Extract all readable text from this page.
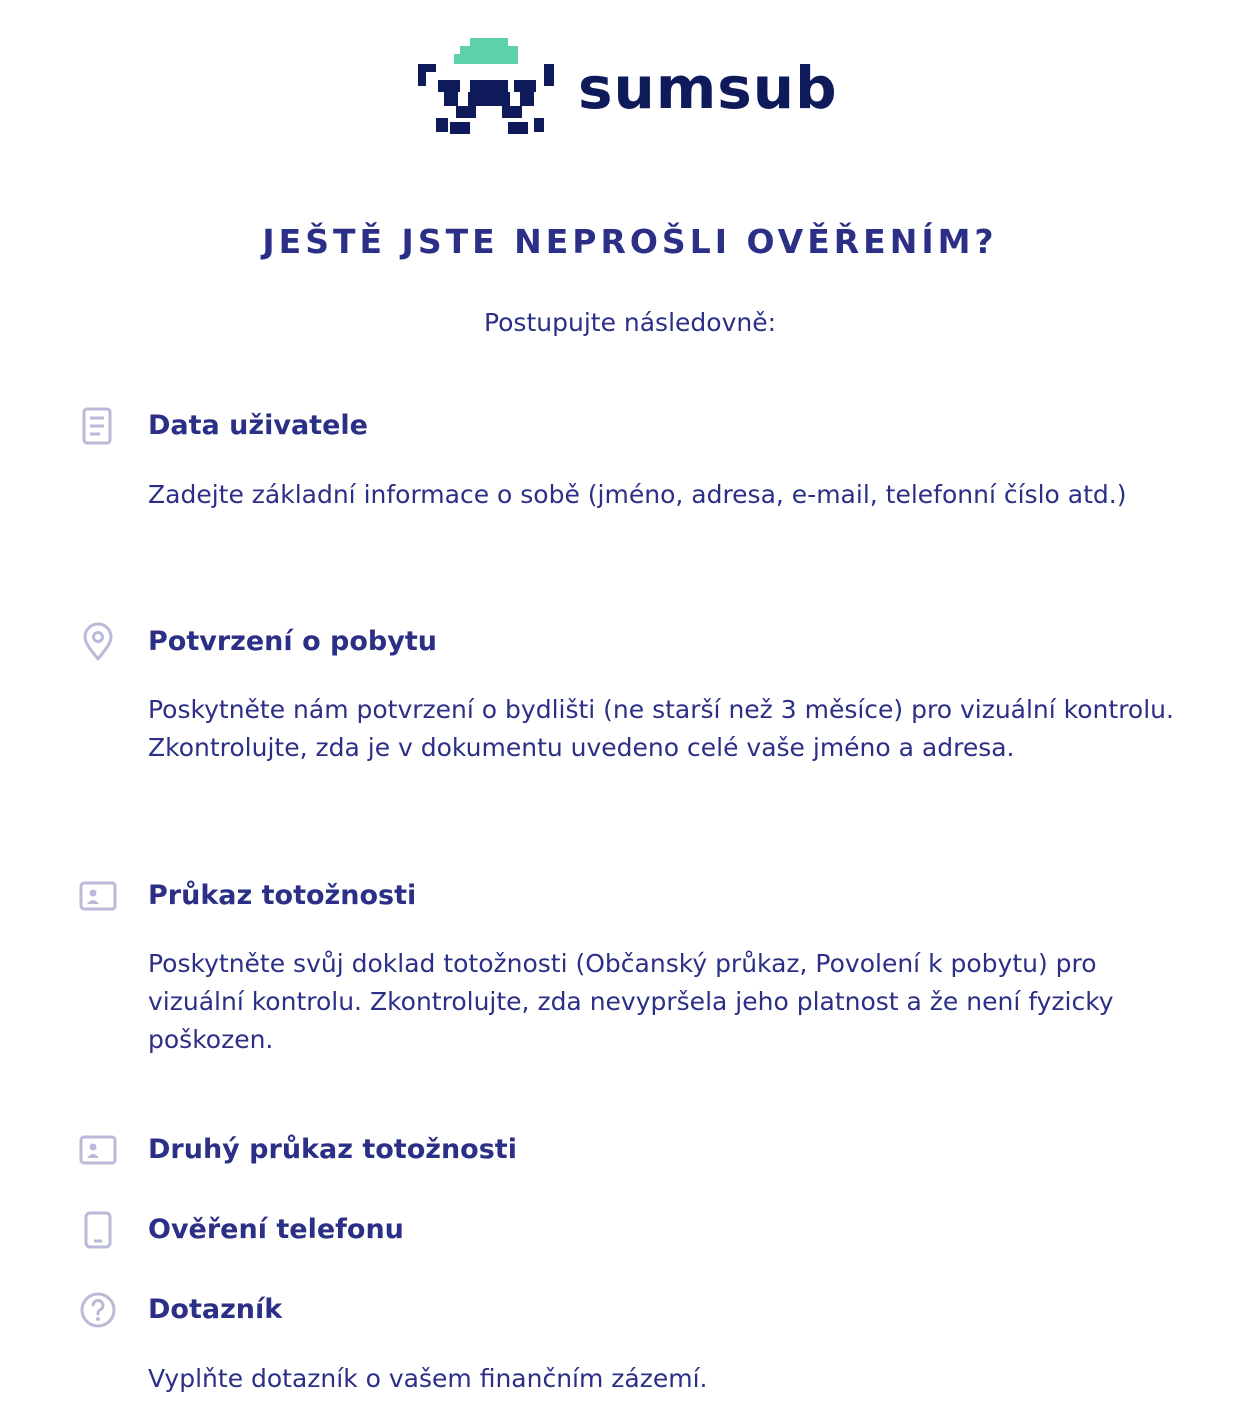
sumsub
JEŠTĚ JSTE NEPROŠLI OVĚŘENÍM?

Postupujte následovně:

Data uživatele
Zadejte základní informace o sobě (jméno, adresa, e-mail, telefonní číslo atd.)
Potvrzení o pobytu
Poskytněte nám potvrzení o bydlišti (ne starší než 3 měsíce) pro vizuální kontrolu. Zkontrolujte, zda je v dokumentu uvedeno celé vaše jméno a adresa.
Průkaz totožnosti
Poskytněte svůj doklad totožnosti (Občanský průkaz, Povolení k pobytu) pro vizuální kontrolu. Zkontrolujte, zda nevypršela jeho platnost a že není fyzicky poškozen.
Druhý průkaz totožnosti
Ověření telefonu
Dotazník
Vyplňte dotazník o vašem finančním zázemí.
